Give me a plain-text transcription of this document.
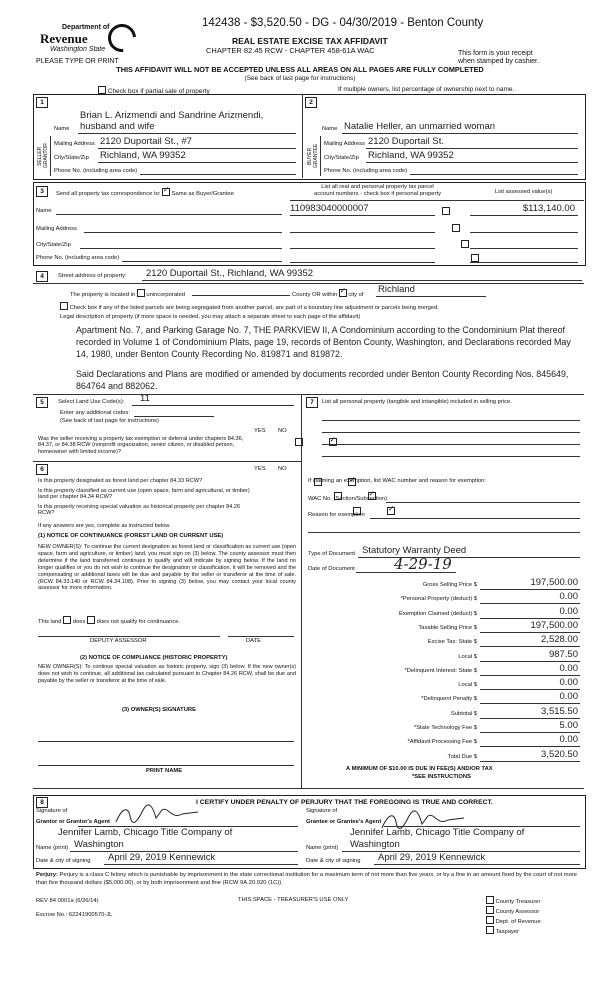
Department of
Revenue
Washington State
PLEASE TYPE OR PRINT
142438 - $3,520.50 - DG - 04/30/2019 - Benton County
REAL ESTATE EXCISE TAX AFFIDAVIT
CHAPTER 82.45 RCW - CHAPTER 458-61A WAC	This form is your receipt
when stamped by cashier.
THIS AFFIDAVIT WILL NOT BE ACCEPTED UNLESS ALL AREAS ON ALL PAGES ARE FULLY COMPLETED
(See back of last page for instructions)
Check box if partial sale of property	If multiple owners, list percentage of ownership next to name.
1	2
SELLER GRANTOR	BUYER GRANTEE
Brian L. Arizmendi and Sandrine Arizmendi,
Name husband and wife
Mailing Address 2120 Duportail St., #7
City/State/Zip Richland, WA 99352
Phone No. (including area code)
Name Natalie Heller, an unmarried woman
Mailing Address 2120 Duportail St.
City/State/Zip Richland, WA 99352
Phone No. (including area code)
3	Send all property tax correspondence to: ✓ Same as Buyer/Grantee
List all real and personal property tax parcel
account numbers - check box if personal property	List assessed value(s)
Name
Mailing Address
City/State/Zip
Phone No. (including area code)
110983040000007
	$113,140.00

4	Street address of property: 2120 Duportail St., Richland, WA 99352
The property is located in unincorporated	County OR within ✓ city of Richland
Check box if any of the listed parcels are being segregated from another parcel, are part of a boundary line adjustment or parcels being merged.
Legal description of property (if more space is needed, you may attach a separate sheet to each page of the affidavit)
Apartment No. 7, and Parking Garage No. 7, THE PARKVIEW II, A Condominium according to the Condominium Plat thereof recorded in Volume 1 of Condominium Plats, page 19, records of Benton County, Washington, and Declarations recorded May 14, 1980, under Benton County Recording No. 819871 and 819872.
Said Declarations and Plans are modified or amended by documents recorded under Benton County Recording Nos. 845649, 864764 and 882062.
5	Select Land Use Code(s): 11
Enter any additional codes:
(See back of last page for instructions)
YES NO
Was the seller receiving a property tax exemption or deferral under chapters 84.36, 84.37, or 84.38 RCW (nonprofit organization, senior citizen, or disabled person, homeowner with limited income)?
✓
6	YES NO
Is this property designated as forest land per chapter 84.33 RCW?
✓
Is this property classified as current use (open space, farm and agricultural, or timber) land per chapter 84.34 RCW?
✓
Is this property receiving special valuation as historical property per chapter 84.26 RCW?
✓
If any answers are yes, complete as instructed below.
(1) NOTICE OF CONTINUANCE (FOREST LAND OR CURRENT USE)
NEW OWNER(S): To continue the current designation as forest land or classification as current use (open space, farm and agriculture, or timber) land, you must sign on (3) below. The county assessor must then determine if the land transferred continues to qualify and will indicate by signing below. If the land no longer qualifies or you do not wish to continue the designation or classification, it will be removed and the compensating or additional taxes will be due and payable by the seller or transferor at the time of sale. (RCW 84.33.140 or RCW 84.34.108). Prior to signing (3) below, you may contact your local county assessor for more information.
This land does does not qualify for continuance.
DEPUTY ASSESSOR	DATE
(2) NOTICE OF COMPLIANCE (HISTORIC PROPERTY)
NEW OWNER(S): To continue special valuation as historic property, sign (3) below. If the new owner(s) does not wish to continue, all additional tax calculated pursuant to Chapter 84.26 RCW, shall be due and payable by the seller or transferor at the time of sale.
(3) OWNER(S) SIGNATURE
PRINT NAME
7	List all personal property (tangible and intangible) included in selling price.
If claiming an exemption, list WAC number and reason for exemption:
WAC No. (Section/Subsection)
Reason for exemption
Type of Document Statutory Warranty Deed
Date of Document	4-29-19
Gross Selling Price $	197,500.00
*Personal Property (deduct) $	0.00
Exemption Claimed (deduct) $	0.00
Taxable Selling Price $	197,500.00
Excise Tax: State $	2,528.00
Local $	987.50
*Delinquent Interest: State $	0.00
Local $	0.00
*Delinquent Penalty $	0.00
Subtotal $	3,515.50
*State Technology Fee $	5.00
*Affidavit Processing Fee $	0.00
Total Due $	3,520.50
A MINIMUM OF $10.00 IS DUE IN FEE(S) AND/OR TAX
*SEE INSTRUCTIONS
8	I CERTIFY UNDER PENALTY OF PERJURY THAT THE FOREGOING IS TRUE AND CORRECT.
Signature of
Grantor or Grantor's Agent
Jennifer Lamb, Chicago Title Company of
Name (print) Washington
Date & city of signing April 29, 2019 Kennewick
Signature of
Grantee or Grantee's Agent
Jennifer Lamb, Chicago Title Company of
Name (print) Washington
Date & city of signing April 29, 2019 Kennewick
Perjury: Perjury is a class C felony which is punishable by imprisonment in the state correctional institution for a maximum term of not more than five years, or by a fine in an amount fixed by the court of not more than five thousand dollars ($5,000.00), or by both imprisonment and fine (RCW 9A.20.020 (1C)).
REV 84 0001a (6/26/14)	THIS SPACE - TREASURER'S USE ONLY
Escrow No.: 62241900570-JL
County Treasurer
County Assessor
Dept. of Revenue
Taxpayer
